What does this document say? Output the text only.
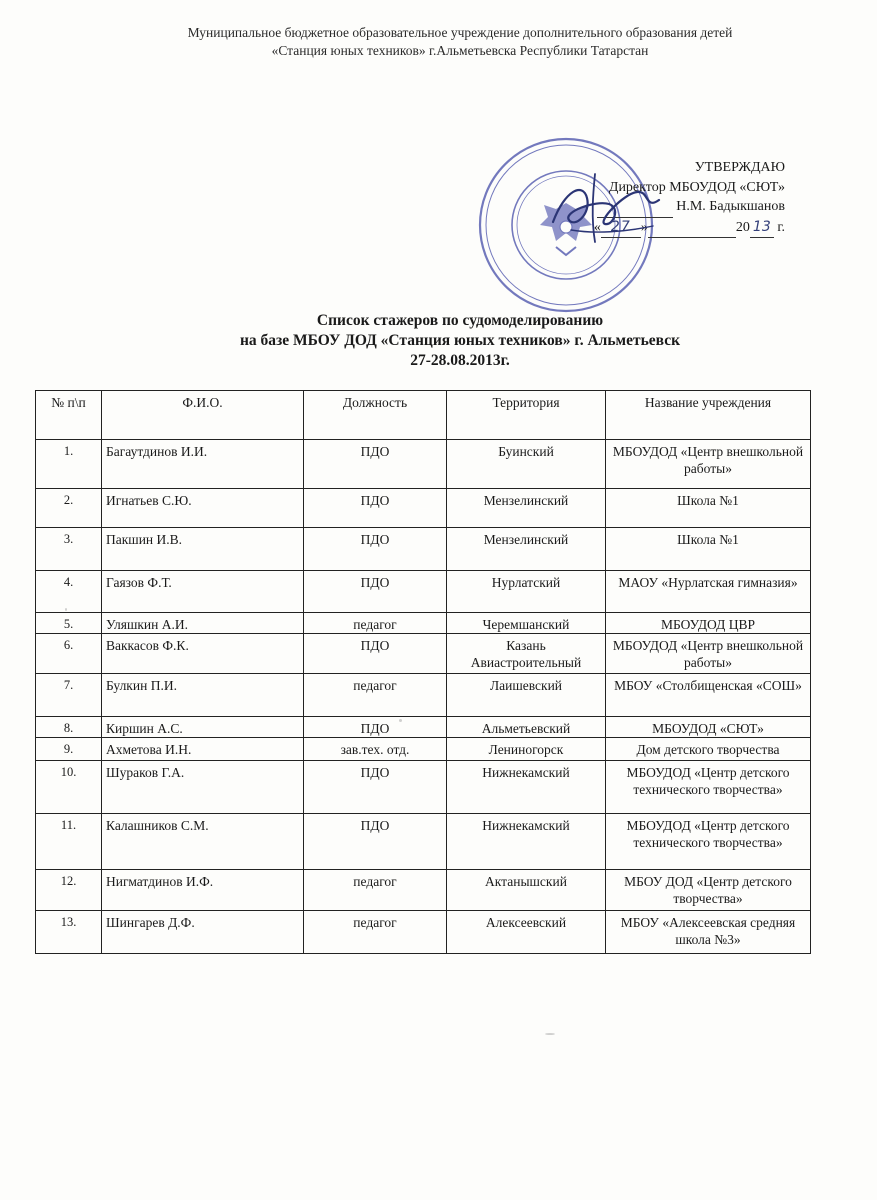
Муниципальное бюджетное образовательное учреждение дополнительного образования детей
«Станция юных техников» г.Альметьевска Республики Татарстан
УТВЕРЖДАЮ
Директор МБОУДОД «СЮТ»
Н.М. Бадыкшанов
« 27 »	20 13 г.
Список стажеров по судомоделированию
на базе МБОУ ДОД «Станция юных техников» г. Альметьевск
27-28.08.2013г.
№ п\п	Ф.И.О.	Должность	Территория	Название учреждения
1.	Багаутдинов И.И.	ПДО	Буинский	МБОУДОД «Центр внешкольной работы»
2.	Игнатьев С.Ю.	ПДО	Мензелинский	Школа №1
3.	Пакшин И.В.	ПДО	Мензелинский	Школа №1
4.	Гаязов Ф.Т.	ПДО	Нурлатский	МАОУ «Нурлатская гимназия»
5.	Уляшкин А.И.	педагог	Черемшанский	МБОУДОД ЦВР
6.	Ваккасов Ф.К.	ПДО	Казань Авиастроительный	МБОУДОД «Центр внешкольной работы»
7.	Булкин П.И.	педагог	Лаишевский	МБОУ «Столбищенская «СОШ»
8.	Киршин А.С.	ПДО	Альметьевский	МБОУДОД «СЮТ»
9.	Ахметова И.Н.	зав.тех. отд.	Лениногорск	Дом детского творчества
10.	Шураков Г.А.	ПДО	Нижнекамский	МБОУДОД «Центр детского технического творчества»
11.	Калашников С.М.	ПДО	Нижнекамский	МБОУДОД «Центр детского технического творчества»
12.	Нигматдинов И.Ф.	педагог	Актанышский	МБОУ ДОД «Центр детского творчества»
13.	Шингарев Д.Ф.	педагог	Алексеевский	МБОУ «Алексеевская средняя школа №3»
